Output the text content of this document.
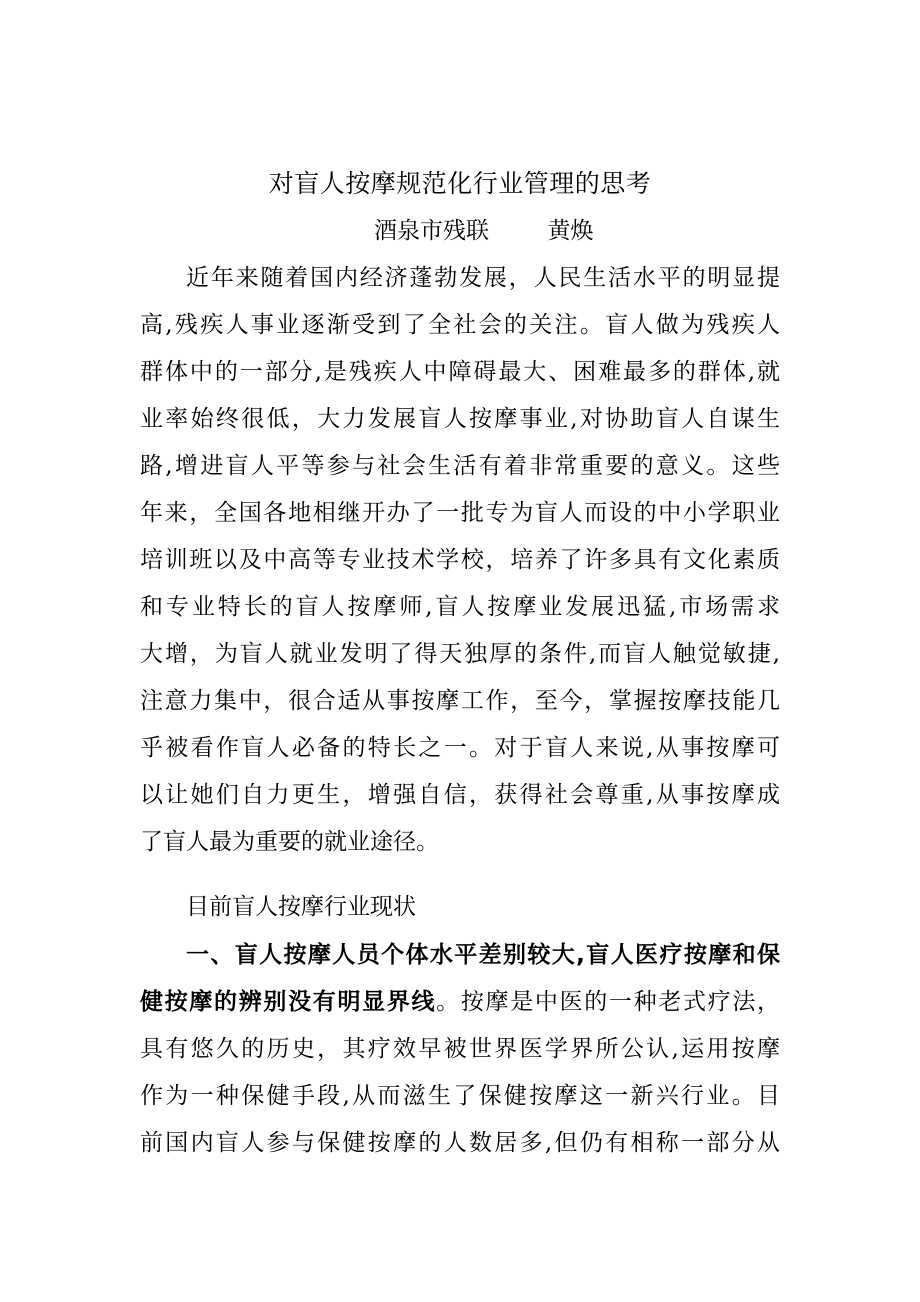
对盲人按摩规范化行业管理的思考
酒泉市残联        黄焕
近年来随着国内经济蓬勃发展，人民生活水平的明显提
高,残疾人事业逐渐受到了全社会的关注。盲人做为残疾人
群体中的一部分,是残疾人中障碍最大、困难最多的群体,就
业率始终很低，大力发展盲人按摩事业,对协助盲人自谋生
路,增进盲人平等参与社会生活有着非常重要的意义。这些
年来，全国各地相继开办了一批专为盲人而设的中小学职业
培训班以及中高等专业技术学校，培养了许多具有文化素质
和专业特长的盲人按摩师,盲人按摩业发展迅猛,市场需求
大增，为盲人就业发明了得天独厚的条件,而盲人触觉敏捷,
注意力集中，很合适从事按摩工作，至今，掌握按摩技能几
乎被看作盲人必备的特长之一。对于盲人来说,从事按摩可
以让她们自力更生，增强自信，获得社会尊重,从事按摩成
了盲人最为重要的就业途径。
目前盲人按摩行业现状
一、盲人按摩人员个体水平差别较大,盲人医疗按摩和保
健按摩的辨别没有明显界线。按摩是中医的一种老式疗法，
具有悠久的历史，其疗效早被世界医学界所公认,运用按摩
作为一种保健手段,从而滋生了保健按摩这一新兴行业。目
前国内盲人参与保健按摩的人数居多,但仍有相称一部分从
